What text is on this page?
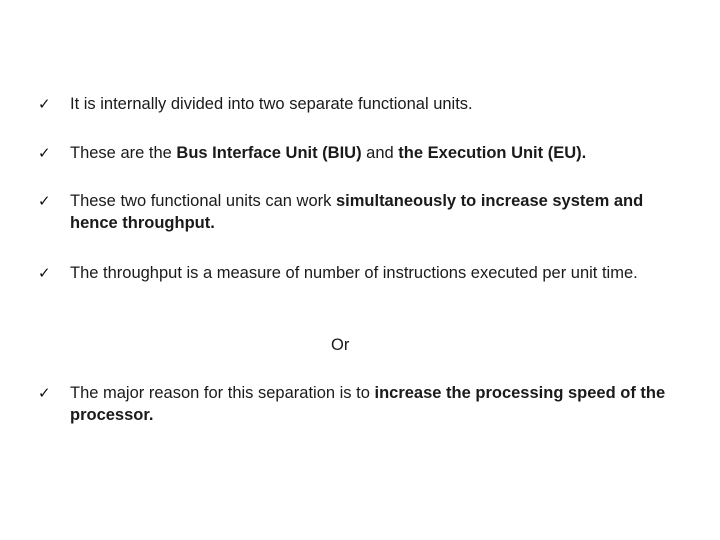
✓	It is internally divided into two separate functional units.
✓	These are the Bus Interface Unit (BIU) and the Execution Unit (EU).
✓	These two functional units can work simultaneously to increase system and hence throughput.
✓	The throughput is a measure of number of instructions executed per unit time.
Or
✓	The major reason for this separation is to increase the processing speed of the processor.
